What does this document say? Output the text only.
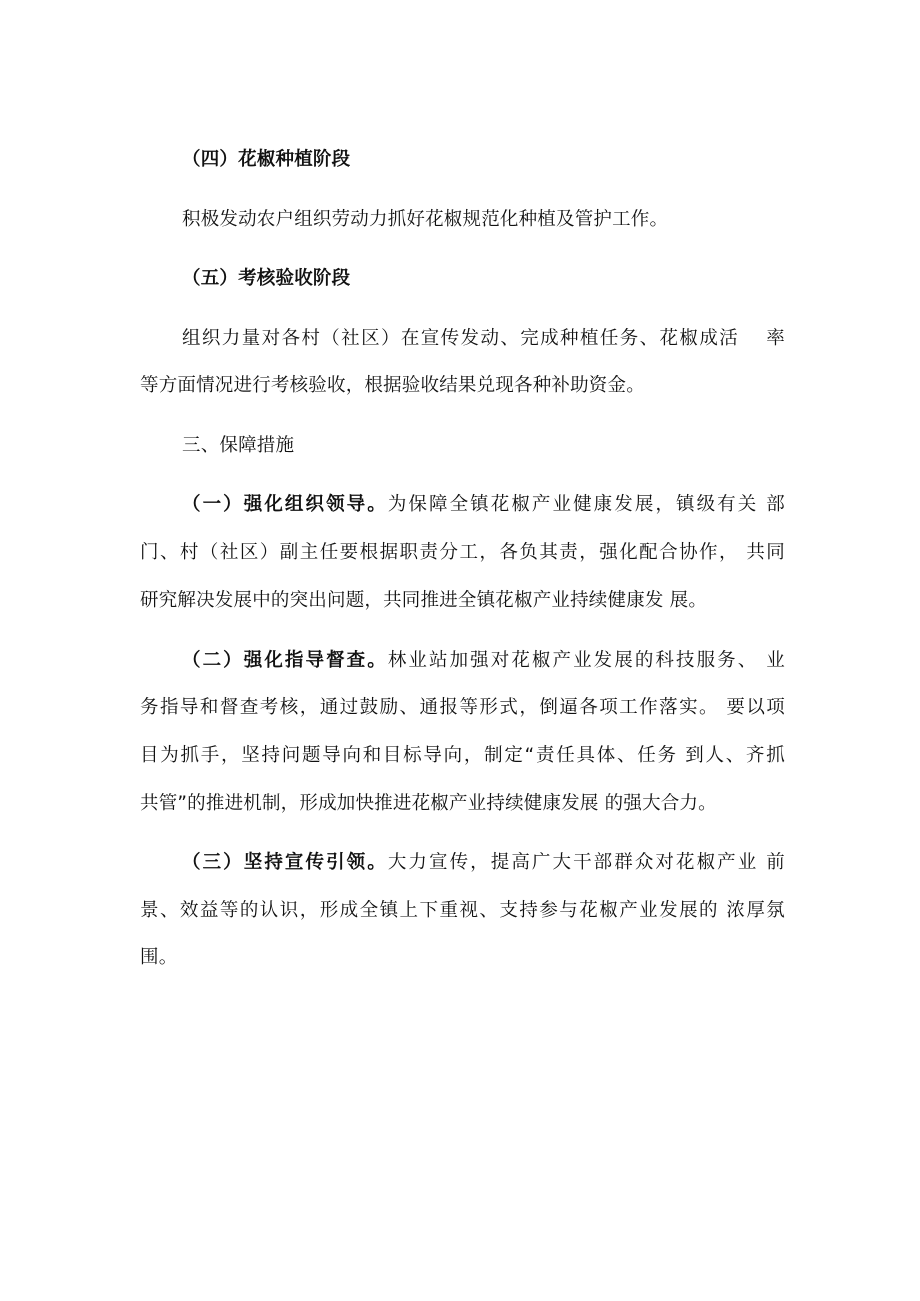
（四）花椒种植阶段
积极发动农户组织劳动力抓好花椒规范化种植及管护工作。
（五）考核验收阶段
组织力量对各村（社区）在宣传发动、完成种植任务、花椒成活　 率
等方面情况进行考核验收，根据验收结果兑现各种补助资金。
三、保障措施
（一）强化组织领导。为保障全镇花椒产业健康发展，镇级有关 部
门、村（社区）副主任要根据职责分工，各负其责，强化配合协作， 共同
研究解决发展中的突出问题，共同推进全镇花椒产业持续健康发 展。
（二）强化指导督查。林业站加强对花椒产业发展的科技服务、 业
务指导和督查考核，通过鼓励、通报等形式，倒逼各项工作落实。 要以项
目为抓手，坚持问题导向和目标导向，制定“责任具体、任务 到人、齐抓
共管”的推进机制，形成加快推进花椒产业持续健康发展 的强大合力。
（三）坚持宣传引领。大力宣传，提高广大干部群众对花椒产业 前
景、效益等的认识，形成全镇上下重视、支持参与花椒产业发展的 浓厚氛
围。
